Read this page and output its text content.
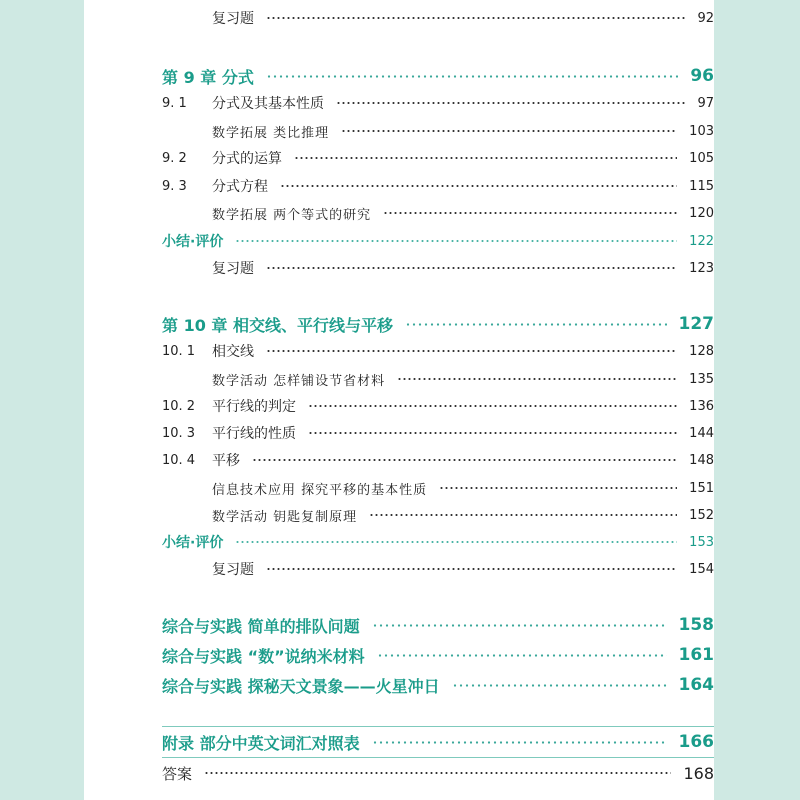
复习题	92
第 9 章 分式	96
9. 1	分式及其基本性质	97
数学拓展 类比推理	103
9. 2	分式的运算	105
9. 3	分式方程	115
数学拓展 两个等式的研究	120
小结·评价	122
复习题	123
第 10 章 相交线、平行线与平移	127
10. 1	相交线	128
数学活动 怎样铺设节省材料	135
10. 2	平行线的判定	136
10. 3	平行线的性质	144
10. 4	平移	148
信息技术应用 探究平移的基本性质	151
数学活动 钥匙复制原理	152
小结·评价	153
复习题	154
综合与实践 简单的排队问题	158
综合与实践 “数”说纳米材料	161
综合与实践 探秘天文景象——火星冲日	164
附录 部分中英文词汇对照表	166
答案	168
